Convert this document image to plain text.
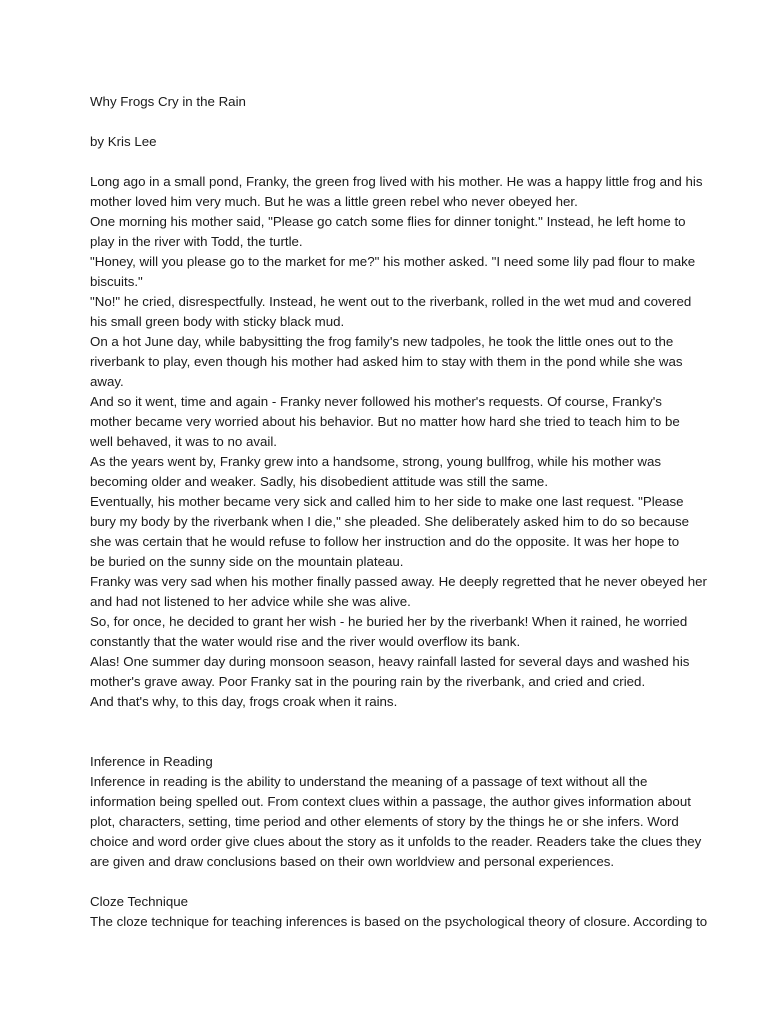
Why Frogs Cry in the Rain
by Kris Lee
Long ago in a small pond, Franky, the green frog lived with his mother. He was a happy little frog and his
mother loved him very much. But he was a little green rebel who never obeyed her.
One morning his mother said, "Please go catch some flies for dinner tonight." Instead, he left home to
play in the river with Todd, the turtle.
"Honey, will you please go to the market for me?" his mother asked. "I need some lily pad flour to make
biscuits."
"No!" he cried, disrespectfully. Instead, he went out to the riverbank, rolled in the wet mud and covered
his small green body with sticky black mud.
On a hot June day, while babysitting the frog family's new tadpoles, he took the little ones out to the
riverbank to play, even though his mother had asked him to stay with them in the pond while she was
away.
And so it went, time and again - Franky never followed his mother's requests. Of course, Franky's
mother became very worried about his behavior. But no matter how hard she tried to teach him to be
well behaved, it was to no avail.
As the years went by, Franky grew into a handsome, strong, young bullfrog, while his mother was
becoming older and weaker. Sadly, his disobedient attitude was still the same.
Eventually, his mother became very sick and called him to her side to make one last request. "Please
bury my body by the riverbank when I die," she pleaded. She deliberately asked him to do so because
she was certain that he would refuse to follow her instruction and do the opposite. It was her hope to
be buried on the sunny side on the mountain plateau.
Franky was very sad when his mother finally passed away. He deeply regretted that he never obeyed her
and had not listened to her advice while she was alive.
So, for once, he decided to grant her wish - he buried her by the riverbank! When it rained, he worried
constantly that the water would rise and the river would overflow its bank.
Alas! One summer day during monsoon season, heavy rainfall lasted for several days and washed his
mother's grave away. Poor Franky sat in the pouring rain by the riverbank, and cried and cried.
And that's why, to this day, frogs croak when it rains.
Inference in Reading
Inference in reading is the ability to understand the meaning of a passage of text without all the
information being spelled out. From context clues within a passage, the author gives information about
plot, characters, setting, time period and other elements of story by the things he or she infers. Word
choice and word order give clues about the story as it unfolds to the reader. Readers take the clues they
are given and draw conclusions based on their own worldview and personal experiences.
Cloze Technique
The cloze technique for teaching inferences is based on the psychological theory of closure. According to
